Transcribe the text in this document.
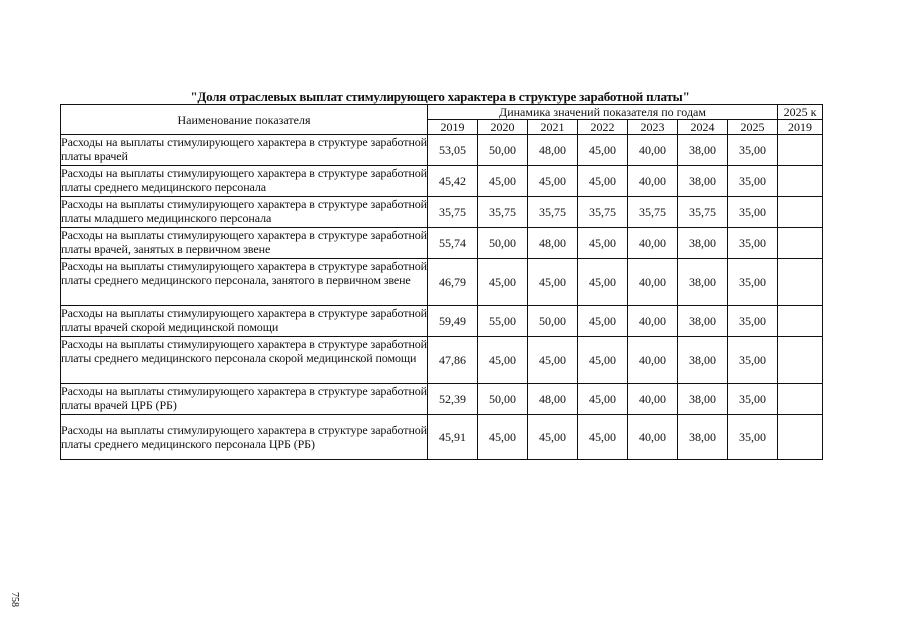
"Доля отраслевых выплат стимулирующего характера в структуре заработной платы"
Наименование показателя	Динамика значений показателя по годам							2025 к
	2019	2020	2021	2022	2023	2024	2025	2019
Расходы на выплаты стимулирующего характера в структуре заработной платы врачей	53,05	50,00	48,00	45,00	40,00	38,00	35,00	
Расходы на выплаты стимулирующего характера в структуре заработной платы среднего медицинского персонала	45,42	45,00	45,00	45,00	40,00	38,00	35,00	
Расходы на выплаты стимулирующего характера в структуре заработной платы младшего медицинского персонала	35,75	35,75	35,75	35,75	35,75	35,75	35,00	
Расходы на выплаты стимулирующего характера в структуре заработной платы врачей, занятых в первичном звене	55,74	50,00	48,00	45,00	40,00	38,00	35,00	
Расходы на выплаты стимулирующего характера в структуре заработной платы среднего медицинского персонала, занятого в первичном звене	46,79	45,00	45,00	45,00	40,00	38,00	35,00	
Расходы на выплаты стимулирующего характера в структуре заработной платы врачей скорой медицинской помощи	59,49	55,00	50,00	45,00	40,00	38,00	35,00	
Расходы на выплаты стимулирующего характера в структуре заработной платы среднего медицинского персонала скорой медицинской помощи	47,86	45,00	45,00	45,00	40,00	38,00	35,00	
Расходы на выплаты стимулирующего характера в структуре заработной платы врачей ЦРБ (РБ)	52,39	50,00	48,00	45,00	40,00	38,00	35,00	
Расходы на выплаты стимулирующего характера в структуре заработной платы среднего медицинского персонала ЦРБ (РБ)	45,91	45,00	45,00	45,00	40,00	38,00	35,00	
758
